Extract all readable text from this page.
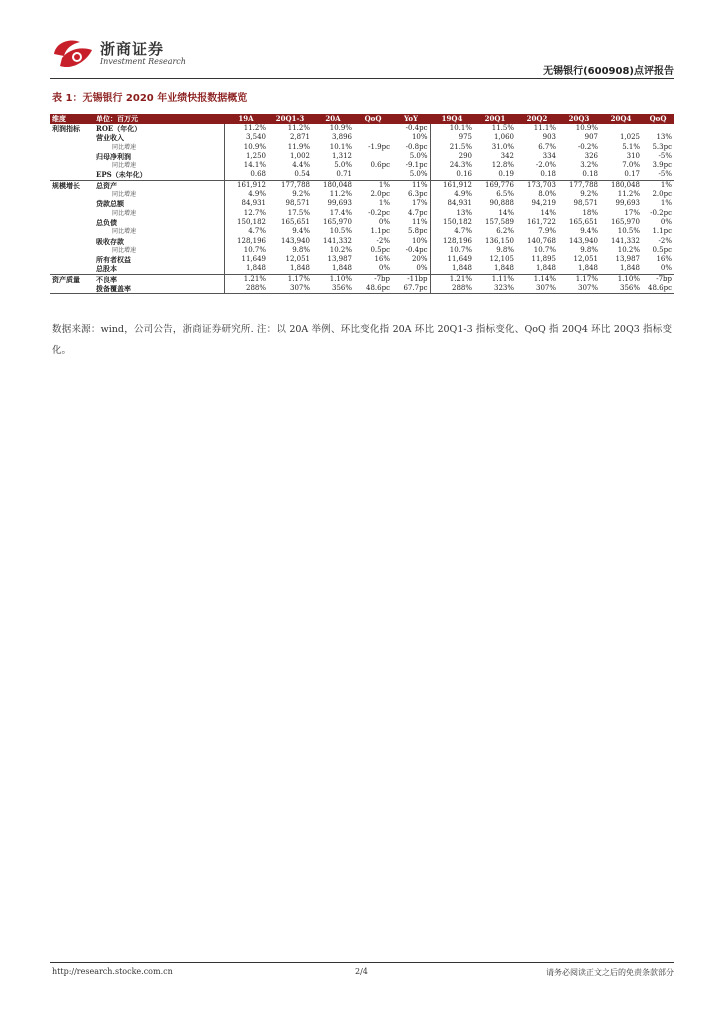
浙商证券
Investment Research
无锡银行(600908)点评报告
表 1：无锡银行 2020 年业绩快报数据概览
维度	单位：百万元	19A	20Q1-3	20A	QoQ	YoY	19Q4	20Q1	20Q2	20Q3	20Q4	QoQ
利润指标	ROE（年化）	11.2%	11.2%	10.9%		-0.4pc	10.1%	11.5%	11.1%	10.9%		
	营业收入	3,540	2,871	3,896		10%	975	1,060	903	907	1,025	13%
	同比增速	10.9%	11.9%	10.1%	-1.9pc	-0.8pc	21.5%	31.0%	6.7%	-0.2%	5.1%	5.3pc
	归母净利润	1,250	1,002	1,312		5.0%	290	342	334	326	310	-5%
	同比增速	14.1%	4.4%	5.0%	0.6pc	-9.1pc	24.3%	12.8%	-2.0%	3.2%	7.0%	3.9pc
	EPS（未年化）	0.68	0.54	0.71		5.0%	0.16	0.19	0.18	0.18	0.17	-5%
规模增长	总资产	161,912	177,788	180,048	1%	11%	161,912	169,776	173,703	177,788	180,048	1%
	同比增速	4.9%	9.2%	11.2%	2.0pc	6.3pc	4.9%	6.5%	8.0%	9.2%	11.2%	2.0pc
	贷款总额	84,931	98,571	99,693	1%	17%	84,931	90,888	94,219	98,571	99,693	1%
	同比增速	12.7%	17.5%	17.4%	-0.2pc	4.7pc	13%	14%	14%	18%	17%	-0.2pc
	总负债	150,182	165,651	165,970	0%	11%	150,182	157,589	161,722	165,651	165,970	0%
	同比增速	4.7%	9.4%	10.5%	1.1pc	5.8pc	4.7%	6.2%	7.9%	9.4%	10.5%	1.1pc
	吸收存款	128,196	143,940	141,332	-2%	10%	128,196	136,150	140,768	143,940	141,332	-2%
	同比增速	10.7%	9.8%	10.2%	0.5pc	-0.4pc	10.7%	9.8%	10.7%	9.8%	10.2%	0.5pc
	所有者权益	11,649	12,051	13,987	16%	20%	11,649	12,105	11,895	12,051	13,987	16%
	总股本	1,848	1,848	1,848	0%	0%	1,848	1,848	1,848	1,848	1,848	0%
资产质量	不良率	1.21%	1.17%	1.10%	-7bp	-11bp	1.21%	1.11%	1.14%	1.17%	1.10%	-7bp
	拨备覆盖率	288%	307%	356%	48.6pc	67.7pc	288%	323%	307%	307%	356%	48.6pc
数据来源：wind，公司公告，浙商证券研究所. 注：以 20A 举例、环比变化指 20A 环比 20Q1-3 指标变化、QoQ 指 20Q4 环比 20Q3 指标变化。
http://research.stocke.com.cn	2/4	请务必阅读正文之后的免责条款部分
